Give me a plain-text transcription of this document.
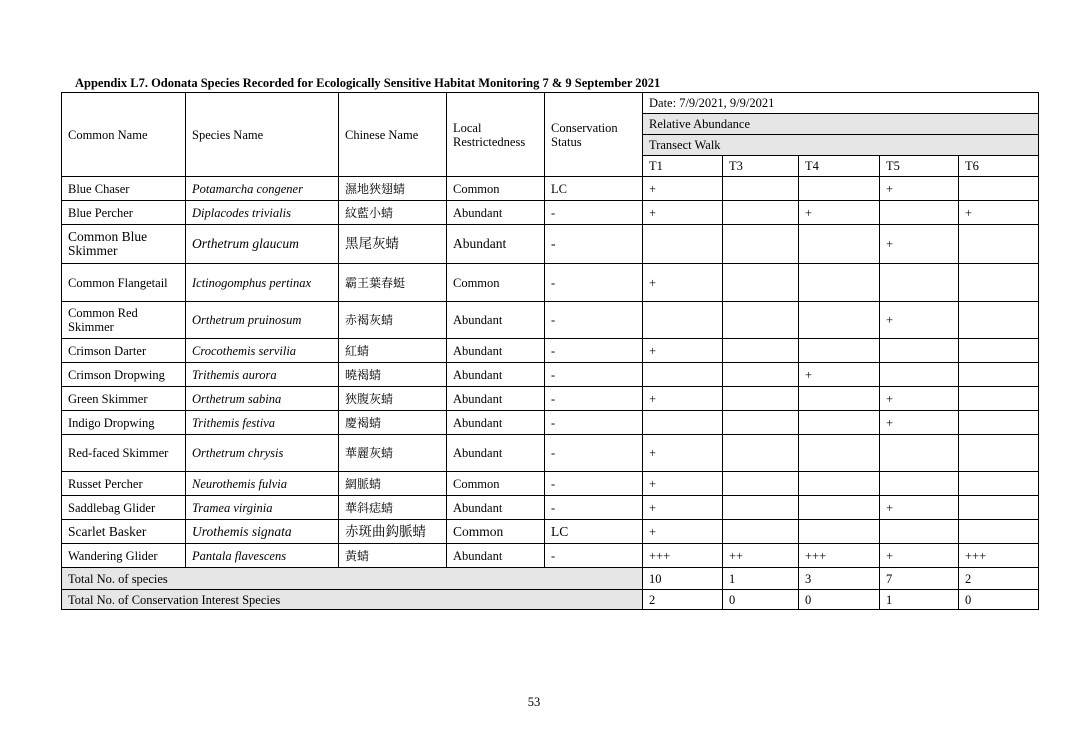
Appendix L7. Odonata Species Recorded for Ecologically Sensitive Habitat Monitoring 7 & 9 September 2021
Common Name	Species Name	Chinese Name	Local Restrictedness	Conservation Status	Date: 7/9/2021, 9/9/2021				
					Relative Abundance				
					Transect Walk				
					T1	T3	T4	T5	T6
Blue Chaser	Potamarcha congener	濕地狹翅蜻	Common	LC	+			+	
Blue Percher	Diplacodes trivialis	紋藍小蜻	Abundant	-	+		+		+
Common Blue Skimmer	Orthetrum glaucum	黑尾灰蜻	Abundant	-				+	
Common Flangetail	Ictinogomphus pertinax	霸王葉春蜓	Common	-	+				
Common Red Skimmer	Orthetrum pruinosum	赤褐灰蜻	Abundant	-				+	
Crimson Darter	Crocothemis servilia	紅蜻	Abundant	-	+				
Crimson Dropwing	Trithemis aurora	曉褐蜻	Abundant	-			+		
Green Skimmer	Orthetrum sabina	狹腹灰蜻	Abundant	-	+			+	
Indigo Dropwing	Trithemis festiva	慶褐蜻	Abundant	-				+	
Red-faced Skimmer	Orthetrum chrysis	華麗灰蜻	Abundant	-	+				
Russet Percher	Neurothemis fulvia	網脈蜻	Common	-	+				
Saddlebag Glider	Tramea virginia	華斜痣蜻	Abundant	-	+			+	
Scarlet Basker	Urothemis signata	赤斑曲鈎脈蜻	Common	LC	+				
Wandering Glider	Pantala flavescens	黃蜻	Abundant	-	+++	++	+++	+	+++
Total No. of species					10	1	3	7	2
Total No. of Conservation Interest Species					2	0	0	1	0
53
